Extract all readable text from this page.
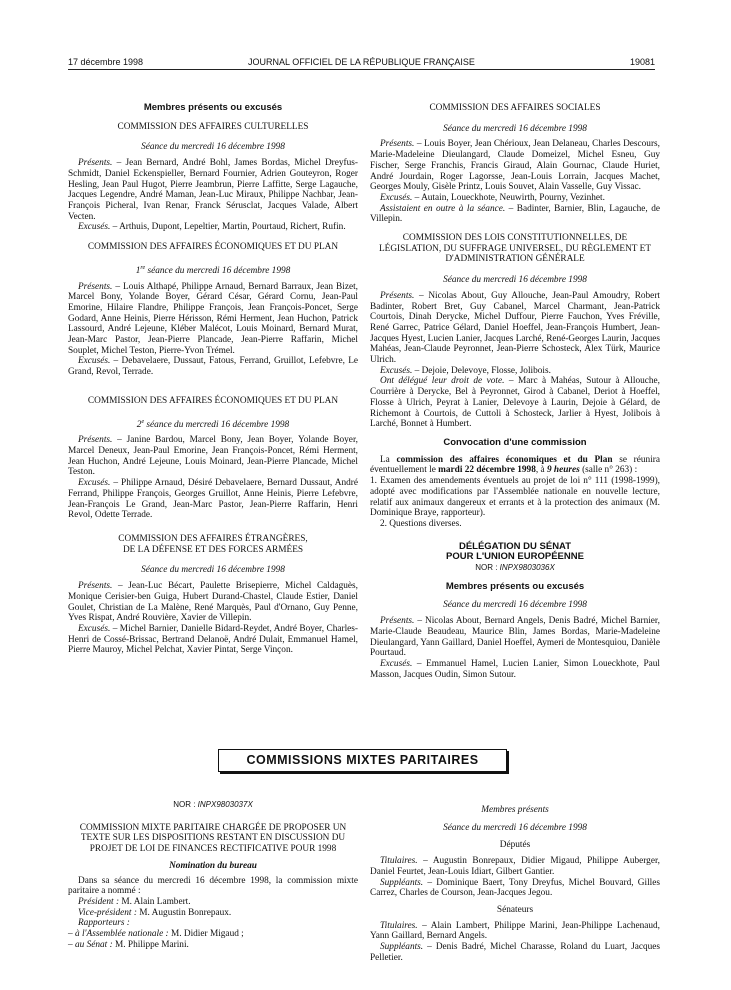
17 décembre 1998	JOURNAL OFFICIEL DE LA RÉPUBLIQUE FRANÇAISE	19081

Membres présents ou excusés

COMMISSION DES AFFAIRES CULTURELLES

Séance du mercredi 16 décembre 1998

Présents. – Jean Bernard, André Bohl, James Bordas, Michel Dreyfus-Schmidt, Daniel Eckenspieller, Bernard Fournier, Adrien Gouteyron, Roger Hesling, Jean Paul Hugot, Pierre Jeambrun, Pierre Laffitte, Serge Lagauche, Jacques Legendre, André Maman, Jean-Luc Miraux, Philippe Nachbar, Jean-François Picheral, Ivan Renar, Franck Sérusclat, Jacques Valade, Albert Vecten.

Excusés. – Arthuis, Dupont, Lepeltier, Martin, Pourtaud, Richert, Rufin.

COMMISSION DES AFFAIRES ÉCONOMIQUES ET DU PLAN

1re séance du mercredi 16 décembre 1998

Présents. – Louis Althapé, Philippe Arnaud, Bernard Barraux, Jean Bizet, Marcel Bony, Yolande Boyer, Gérard César, Gérard Cornu, Jean-Paul Emorine, Hilaire Flandre, Philippe François, Jean François-Poncet, Serge Godard, Anne Heinis, Pierre Hérisson, Rémi Herment, Jean Huchon, Patrick Lassourd, André Lejeune, Kléber Malécot, Louis Moinard, Bernard Murat, Jean-Marc Pastor, Jean-Pierre Plancade, Jean-Pierre Raffarin, Michel Souplet, Michel Teston, Pierre-Yvon Trémel.

Excusés. – Debavelaere, Dussaut, Fatous, Ferrand, Gruillot, Lefebvre, Le Grand, Revol, Terrade.

COMMISSION DES AFFAIRES ÉCONOMIQUES ET DU PLAN

2e séance du mercredi 16 décembre 1998

Présents. – Janine Bardou, Marcel Bony, Jean Boyer, Yolande Boyer, Marcel Deneux, Jean-Paul Emorine, Jean François-Poncet, Rémi Herment, Jean Huchon, André Lejeune, Louis Moinard, Jean-Pierre Plancade, Michel Teston.

Excusés. – Philippe Arnaud, Désiré Debavelaere, Bernard Dussaut, André Ferrand, Philippe François, Georges Gruillot, Anne Heinis, Pierre Lefebvre, Jean-François Le Grand, Jean-Marc Pastor, Jean-Pierre Raffarin, Henri Revol, Odette Terrade.

COMMISSION DES AFFAIRES ÉTRANGÈRES,

DE LA DÉFENSE ET DES FORCES ARMÉES

Séance du mercredi 16 décembre 1998

Présents. – Jean-Luc Bécart, Paulette Brisepierre, Michel Caldaguès, Monique Cerisier-ben Guiga, Hubert Durand-Chastel, Claude Estier, Daniel Goulet, Christian de La Malène, René Marquès, Paul d'Ornano, Guy Penne, Yves Rispat, André Rouvière, Xavier de Villepin.

Excusés. – Michel Barnier, Danielle Bidard-Reydet, André Boyer, Charles-Henri de Cossé-Brissac, Bertrand Delanoë, André Dulait, Emmanuel Hamel, Pierre Mauroy, Michel Pelchat, Xavier Pintat, Serge Vinçon.

COMMISSION DES AFFAIRES SOCIALES

Séance du mercredi 16 décembre 1998

Présents. – Louis Boyer, Jean Chérioux, Jean Delaneau, Charles Descours, Marie-Madeleine Dieulangard, Claude Domeizel, Michel Esneu, Guy Fischer, Serge Franchis, Francis Giraud, Alain Gournac, Claude Huriet, André Jourdain, Roger Lagorsse, Jean-Louis Lorrain, Jacques Machet, Georges Mouly, Gisèle Printz, Louis Souvet, Alain Vasselle, Guy Vissac.

Excusés. – Autain, Loueckhote, Neuwirth, Pourny, Vezinhet.

Assistaient en outre à la séance. – Badinter, Barnier, Blin, Lagauche, de Villepin.

COMMISSION DES LOIS CONSTITUTIONNELLES, DE LÉGISLATION, DU SUFFRAGE UNIVERSEL, DU RÈGLEMENT ET D'ADMINISTRATION GÉNÉRALE

Séance du mercredi 16 décembre 1998

Présents. – Nicolas About, Guy Allouche, Jean-Paul Amoudry, Robert Badinter, Robert Bret, Guy Cabanel, Marcel Charmant, Jean-Patrick Courtois, Dinah Derycke, Michel Duffour, Pierre Fauchon, Yves Fréville, René Garrec, Patrice Gélard, Daniel Hoeffel, Jean-François Humbert, Jean-Jacques Hyest, Lucien Lanier, Jacques Larché, René-Georges Laurin, Jacques Mahéas, Jean-Claude Peyronnet, Jean-Pierre Schosteck, Alex Türk, Maurice Ulrich.

Excusés. – Dejoie, Delevoye, Flosse, Jolibois.

Ont délégué leur droit de vote. – Marc à Mahéas, Sutour à Allouche, Courrière à Derycke, Bel à Peyronnet, Girod à Cabanel, Deriot à Hoeffel, Flosse à Ulrich, Peyrat à Lanier, Delevoye à Laurin, Dejoie à Gélard, de Richemont à Courtois, de Cuttoli à Schosteck, Jarlier à Hyest, Jolibois à Larché, Bonnet à Humbert.

Convocation d'une commission

La commission des affaires économiques et du Plan se réunira éventuellement le mardi 22 décembre 1998, à 9 heures (salle n° 263) :

1. Examen des amendements éventuels au projet de loi n° 111 (1998-1999), adopté avec modifications par l'Assemblée nationale en nouvelle lecture, relatif aux animaux dangereux et errants et à la protection des animaux (M. Dominique Braye, rapporteur).

2. Questions diverses.

DÉLÉGATION DU SÉNAT

POUR L'UNION EUROPÉENNE

NOR : INPX9803036X

Membres présents ou excusés

Séance du mercredi 16 décembre 1998

Présents. – Nicolas About, Bernard Angels, Denis Badré, Michel Barnier, Marie-Claude Beaudeau, Maurice Blin, James Bordas, Marie-Madeleine Dieulangard, Yann Gaillard, Daniel Hoeffel, Aymeri de Montesquiou, Danièle Pourtaud.

Excusés. – Emmanuel Hamel, Lucien Lanier, Simon Loueckhote, Paul Masson, Jacques Oudin, Simon Sutour.

COMMISSIONS MIXTES PARITAIRES

NOR : INPX9803037X

COMMISSION MIXTE PARITAIRE CHARGÉE DE PROPOSER UN TEXTE SUR LES DISPOSITIONS RESTANT EN DISCUSSION DU PROJET DE LOI DE FINANCES RECTIFICATIVE POUR 1998

Nomination du bureau

Dans sa séance du mercredi 16 décembre 1998, la commission mixte paritaire a nommé :

Président : M. Alain Lambert.

Vice-président : M. Augustin Bonrepaux.

Rapporteurs :

– à l'Assemblée nationale : M. Didier Migaud ;

– au Sénat : M. Philippe Marini.

Membres présents

Séance du mercredi 16 décembre 1998

Députés

Titulaires. – Augustin Bonrepaux, Didier Migaud, Philippe Auberger, Daniel Feurtet, Jean-Louis Idiart, Gilbert Gantier.

Suppléants. – Dominique Baert, Tony Dreyfus, Michel Bouvard, Gilles Carrez, Charles de Courson, Jean-Jacques Jegou.

Sénateurs

Titulaires. – Alain Lambert, Philippe Marini, Jean-Philippe Lachenaud, Yann Gaillard, Bernard Angels.

Suppléants. – Denis Badré, Michel Charasse, Roland du Luart, Jacques Pelletier.
